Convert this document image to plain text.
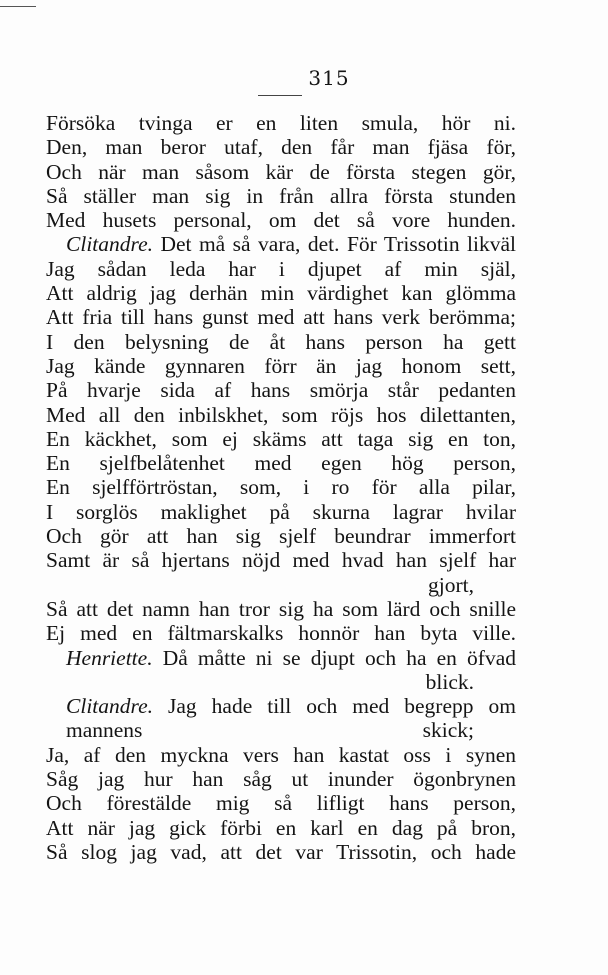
315
Försöka tvinga er en liten smula, hör ni.
Den, man beror utaf, den får man fjäsa för,
Och när man såsom kär de första stegen gör,
Så ställer man sig in från allra första stunden
Med husets personal, om det så vore hunden.
Clitandre. Det må så vara, det. För Trissotin likväl
Jag sådan leda har i djupet af min själ,
Att aldrig jag derhän min värdighet kan glömma
Att fria till hans gunst med att hans verk berömma;
I den belysning de åt hans person ha gett
Jag kände gynnaren förr än jag honom sett,
På hvarje sida af hans smörja står pedanten
Med all den inbilskhet, som röjs hos dilettanten,
En käckhet, som ej skäms att taga sig en ton,
En sjelfbelåtenhet med egen hög person,
En sjelfförtröstan, som, i ro för alla pilar,
I sorglös maklighet på skurna lagrar hvilar
Och gör att han sig sjelf beundrar immerfort
Samt är så hjertans nöjd med hvad han sjelf har
gjort,
Så att det namn han tror sig ha som lärd och snille
Ej med en fältmarskalks honnör han byta ville.
Henriette. Då måtte ni se djupt och ha en öfvad
blick.
Clitandre. Jag hade till och med begrepp om mannens	skick;
Ja, af den myckna vers han kastat oss i synen
Såg jag hur han såg ut inunder ögonbrynen
Och förestälde mig så lifligt hans person,
Att när jag gick förbi en karl en dag på bron,
Så slog jag vad, att det var Trissotin, och hade
